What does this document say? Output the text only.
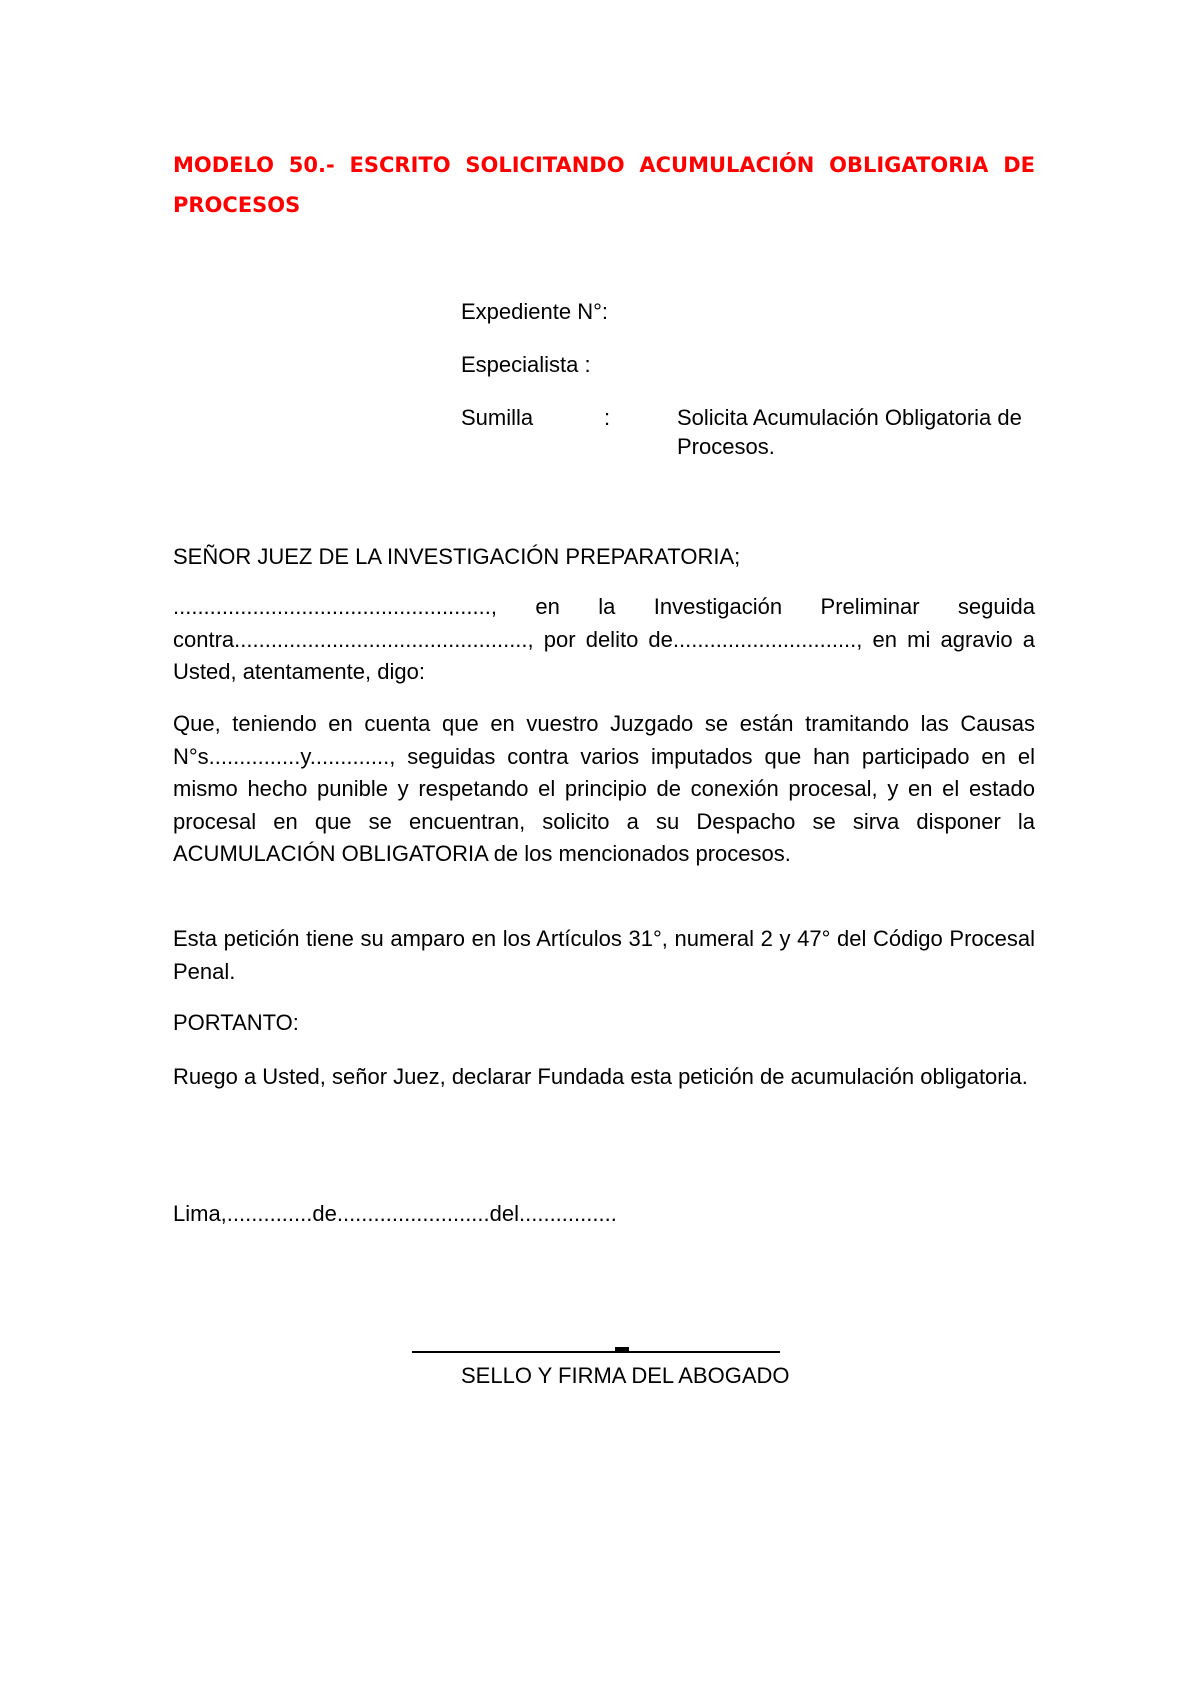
MODELO 50.- ESCRITO SOLICITANDO ACUMULACIÓN OBLIGATORIA DE
PROCESOS
Expediente N°:
Especialista :
Sumilla	:	Solicita Acumulación Obligatoria de Procesos.
SEÑOR JUEZ DE LA INVESTIGACIÓN PREPARATORIA;
...................................................., en la Investigación Preliminar seguida contra................................................, por delito de.............................., en mi agravio a Usted, atentamente, digo:
Que, teniendo en cuenta que en vuestro Juzgado se están tramitando las Causas N°s...............y............., seguidas contra varios imputados que han participado en el mismo hecho punible y respetando el principio de conexión procesal, y en el estado procesal en que se encuentran, solicito a su Despacho se sirva disponer la ACUMULACIÓN OBLIGATORIA de los mencionados procesos.
Esta petición tiene su amparo en los Artículos 31°, numeral 2 y 47° del Código Procesal Penal.
PORTANTO:
Ruego a Usted, señor Juez, declarar Fundada esta petición de acumulación obligatoria.
Lima,..............de.........................del................
SELLO Y FIRMA DEL ABOGADO
